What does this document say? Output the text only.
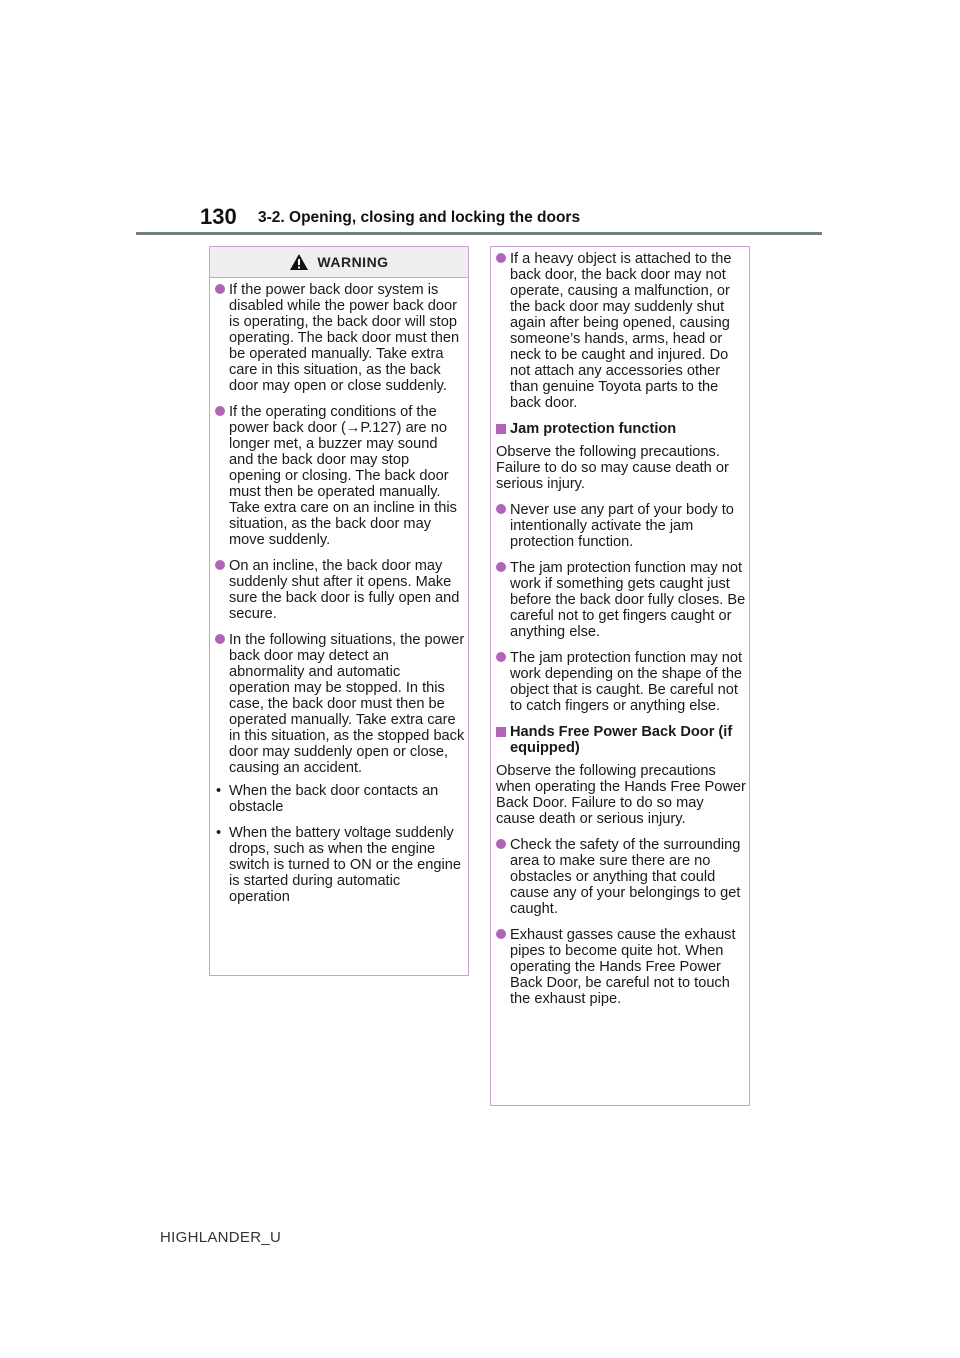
130 3-2. Opening, closing and locking the doors
WARNING
If the power back door system is disabled while the power back door is operating, the back door will stop operating. The back door must then be operated manually. Take extra care in this situation, as the back door may open or close suddenly.
If the operating conditions of the power back door (→P.127) are no longer met, a buzzer may sound and the back door may stop opening or closing. The back door must then be operated manually. Take extra care on an incline in this situation, as the back door may move suddenly.
On an incline, the back door may suddenly shut after it opens. Make sure the back door is fully open and secure.
In the following situations, the power back door may detect an abnormality and automatic operation may be stopped. In this case, the back door must then be operated manually. Take extra care in this situation, as the stopped back door may suddenly open or close, causing an accident.
• When the back door contacts an obstacle
• When the battery voltage suddenly drops, such as when the engine switch is turned to ON or the engine is started during automatic operation
If a heavy object is attached to the back door, the back door may not operate, causing a malfunction, or the back door may suddenly shut again after being opened, causing someone’s hands, arms, head or neck to be caught and injured. Do not attach any accessories other than genuine Toyota parts to the back door.
Jam protection function
Observe the following precautions. Failure to do so may cause death or serious injury.
Never use any part of your body to intentionally activate the jam protection function.
The jam protection function may not work if something gets caught just before the back door fully closes. Be careful not to get fingers caught or anything else.
The jam protection function may not work depending on the shape of the object that is caught. Be careful not to catch fingers or anything else.
Hands Free Power Back Door (if equipped)
Observe the following precautions when operating the Hands Free Power Back Door. Failure to do so may cause death or serious injury.
Check the safety of the surrounding area to make sure there are no obstacles or anything that could cause any of your belongings to get caught.
Exhaust gasses cause the exhaust pipes to become quite hot. When operating the Hands Free Power Back Door, be careful not to touch the exhaust pipe.
HIGHLANDER_U
